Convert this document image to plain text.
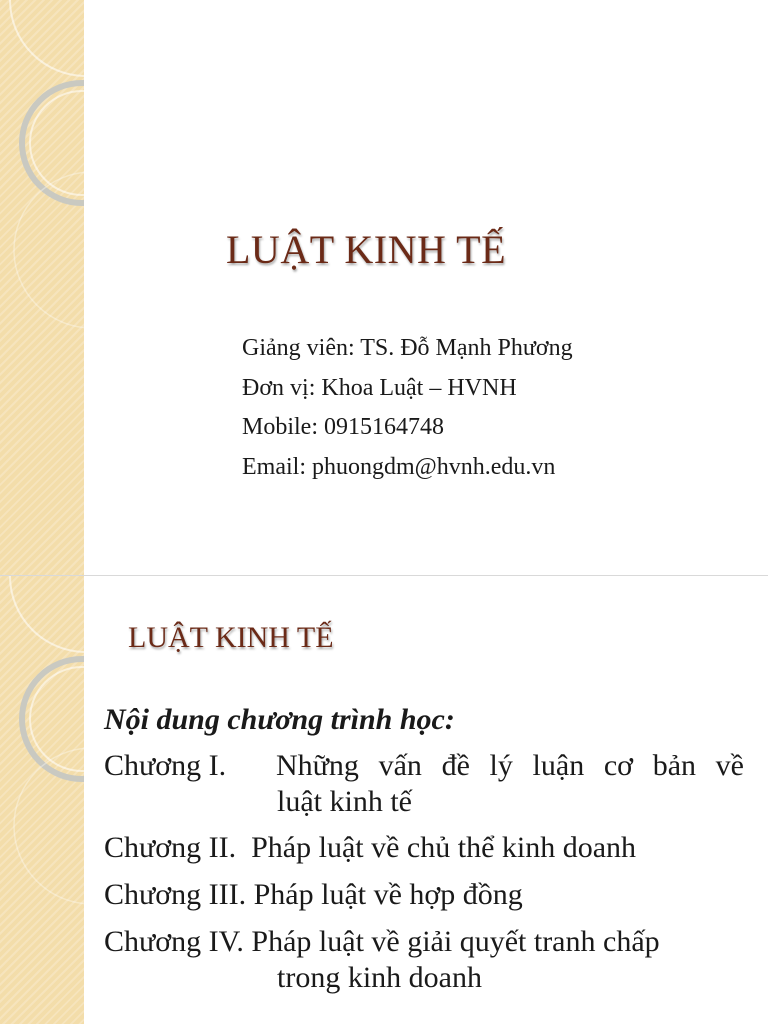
LUẬT KINH TẾ
Giảng viên: TS. Đỗ Mạnh Phương
Đơn vị: Khoa Luật – HVNH
Mobile: 0915164748
Email: phuongdm@hvnh.edu.vn
LUẬT KINH TẾ
Nội dung chương trình học:
Chương I.	Những vấn đề lý luận cơ bản về
luật kinh tế
Chương II.
Pháp luật về chủ thể kinh doanh
Chương III.
Pháp luật về hợp đồng
Chương IV.
Pháp luật về giải quyết tranh chấp
trong kinh doanh
